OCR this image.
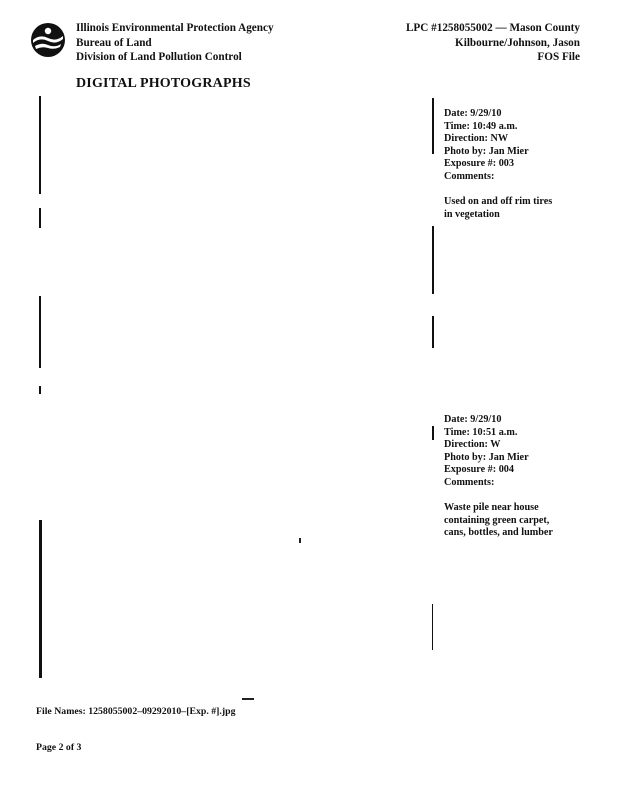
Illinois Environmental Protection Agency
Bureau of Land
Division of Land Pollution Control
LPC #1258055002 — Mason County
Kilbourne/Johnson, Jason
FOS File
DIGITAL PHOTOGRAPHS
Date: 9/29/10
Time: 10:49 a.m.
Direction: NW
Photo by: Jan Mier
Exposure #: 003
Comments:
Used on and off rim tires
in vegetation
Date: 9/29/10
Time: 10:51 a.m.
Direction: W
Photo by: Jan Mier
Exposure #: 004
Comments:
Waste pile near house
containing green carpet,
cans, bottles, and lumber
File Names: 1258055002–09292010–[Exp. #].jpg
Page 2 of 3
